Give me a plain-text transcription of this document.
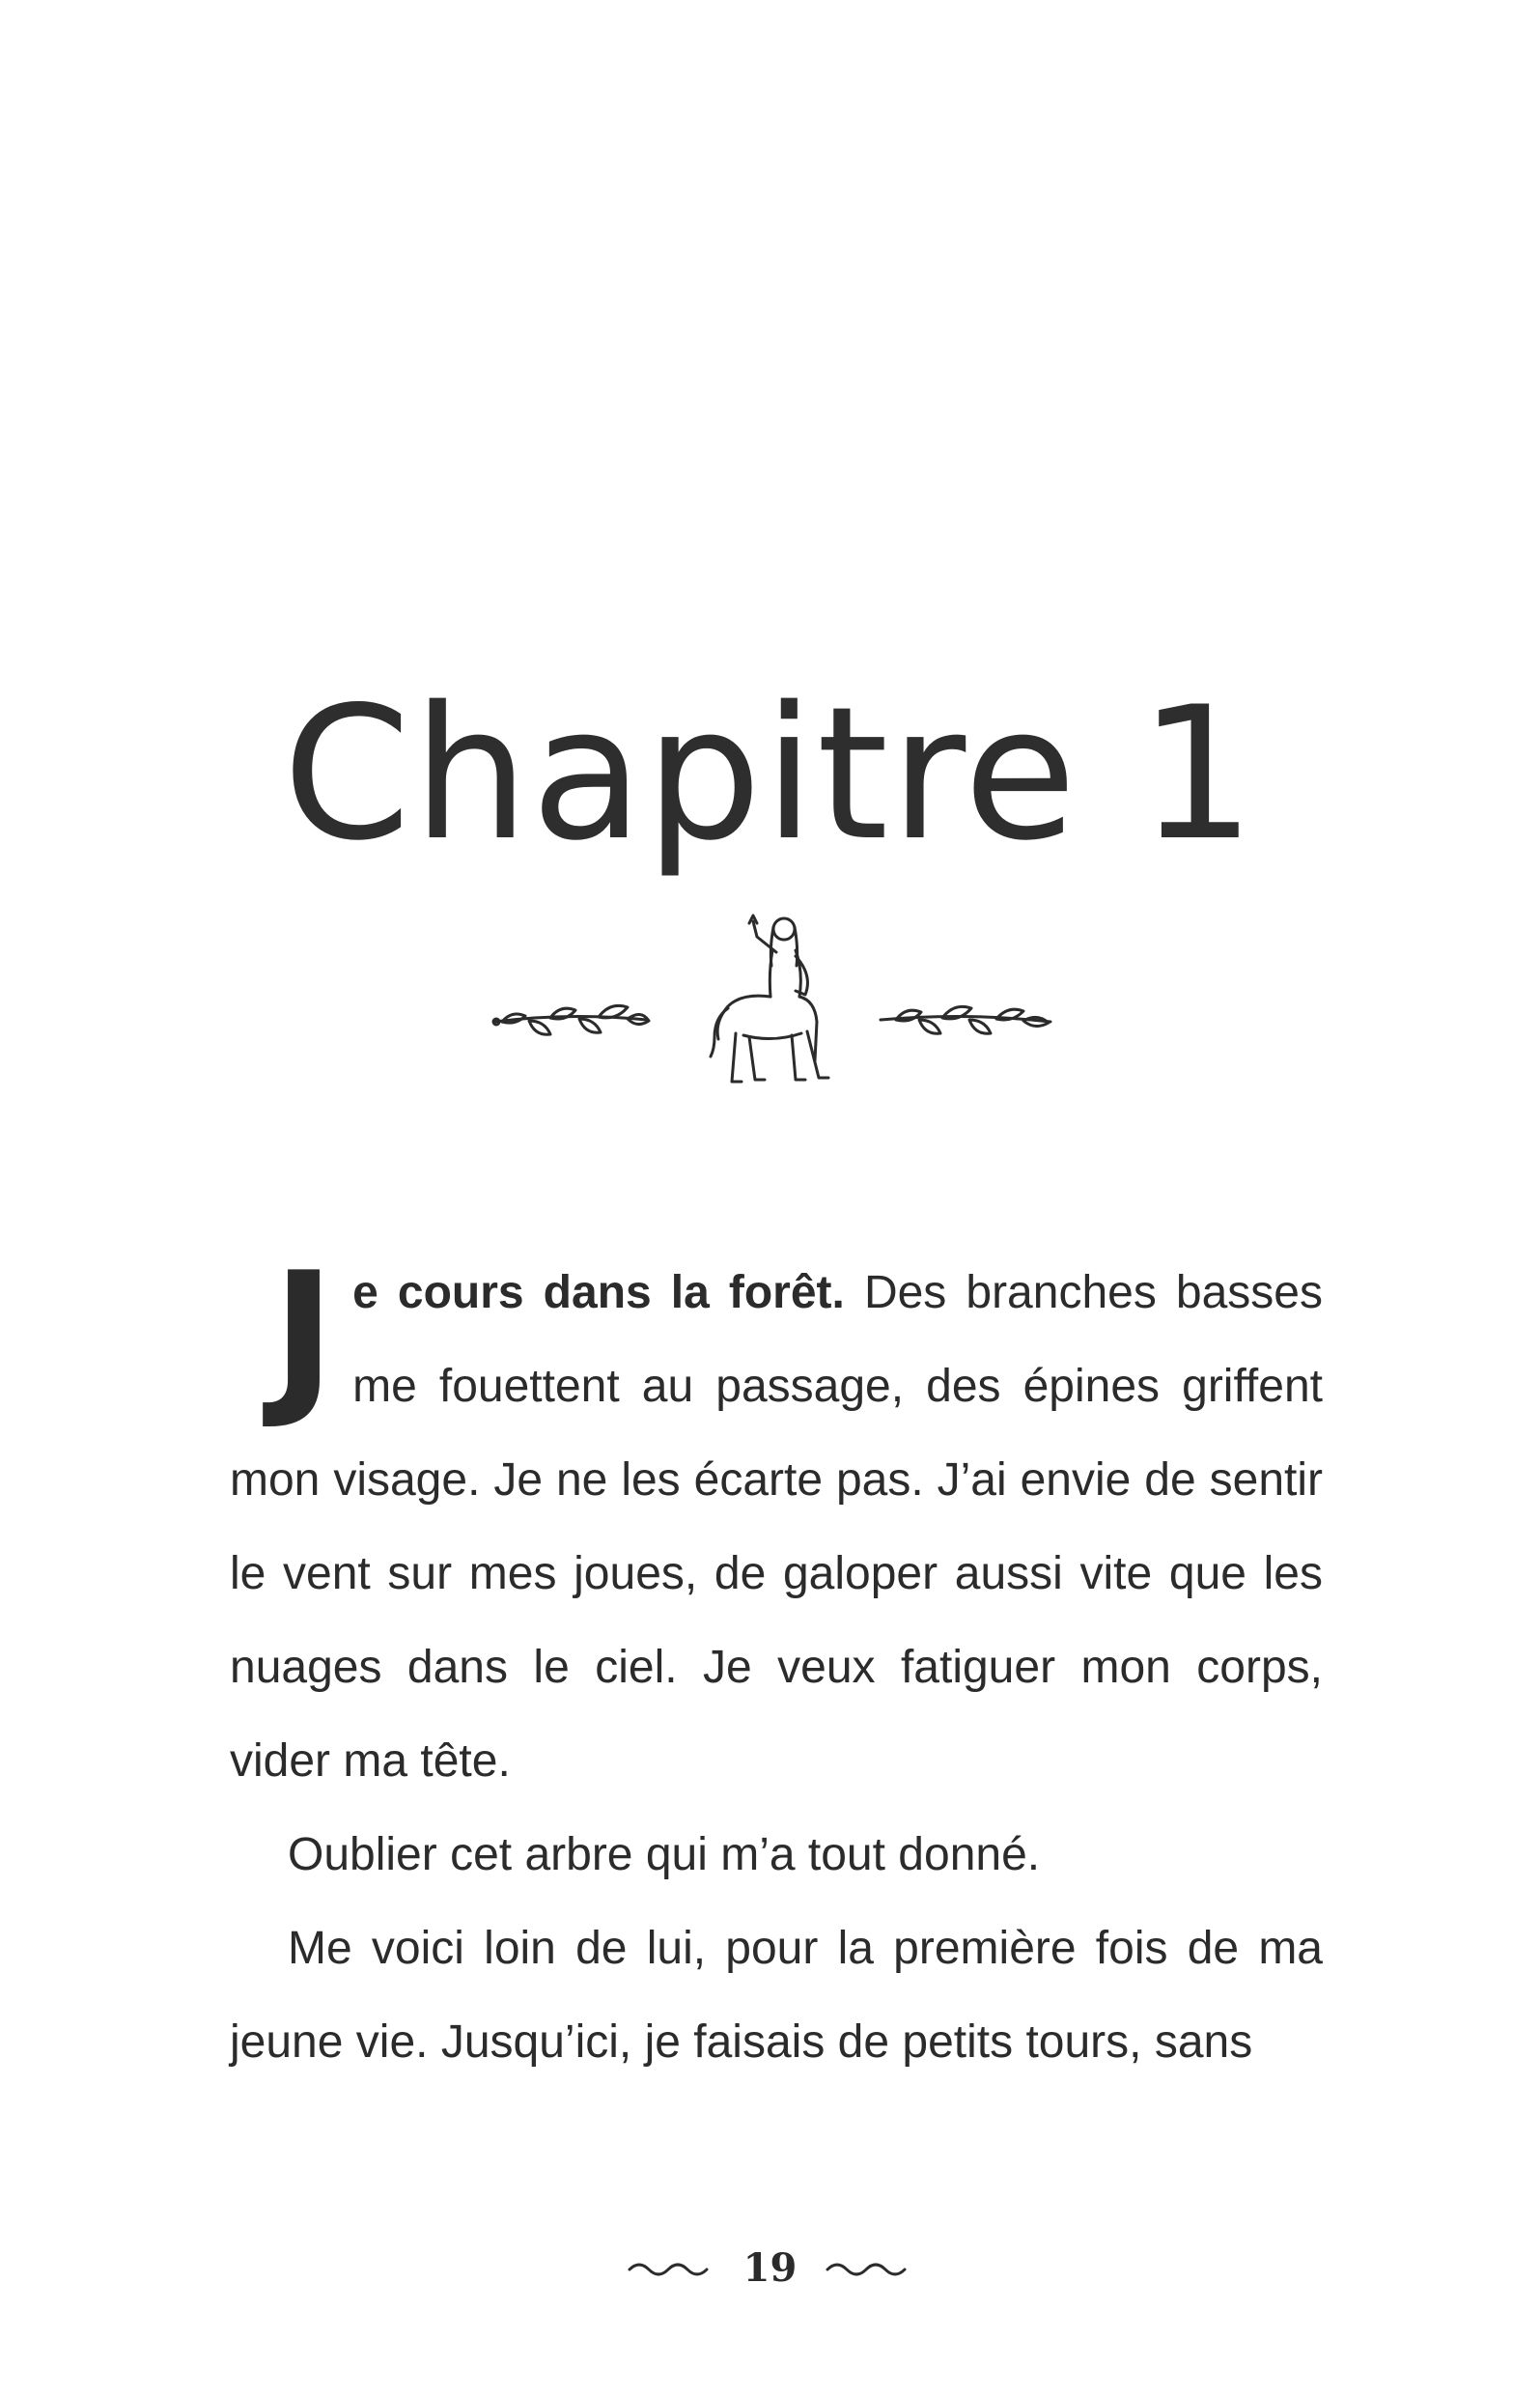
Chapitre 1

Je cours dans la forêt. Des branches basses me fouettent au passage, des épines griffent mon visage. Je ne les écarte pas. J’ai envie de sentir le vent sur mes joues, de galoper aussi vite que les nuages dans le ciel. Je veux fatiguer mon corps, vider ma tête.

Oublier cet arbre qui m’a tout donné.

Me voici loin de lui, pour la première fois de ma jeune vie. Jusqu’ici, je faisais de petits tours, sans

19
